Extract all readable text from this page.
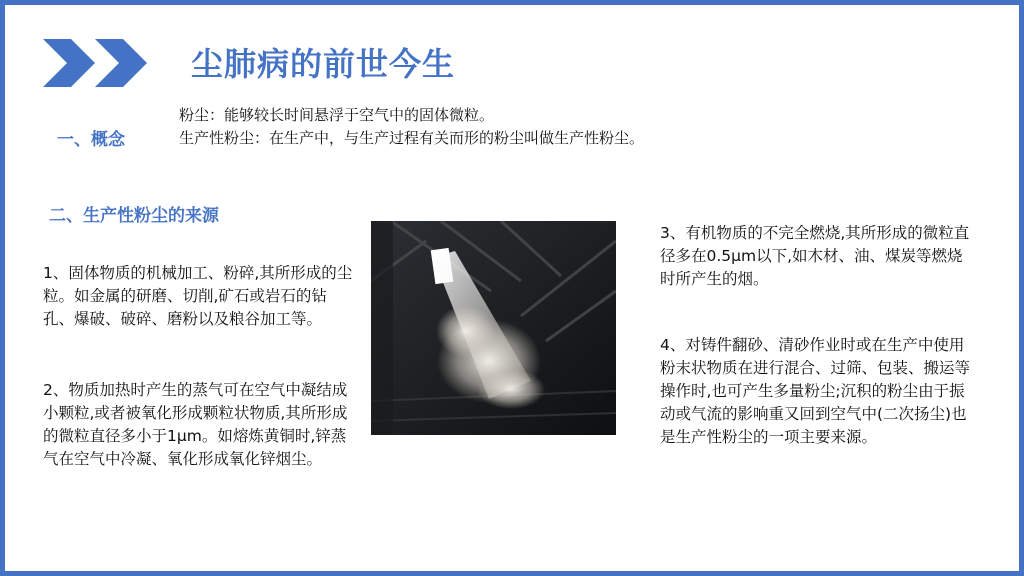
尘肺病的前世今生
一、概念
粉尘：能够较长时间悬浮于空气中的固体微粒。
生产性粉尘：在生产中，与生产过程有关而形的粉尘叫做生产性粉尘。
二、生产性粉尘的来源
1、固体物质的机械加工、粉碎,其所形成的尘粒。如金属的研磨、切削,矿石或岩石的钻孔、爆破、破碎、磨粉以及粮谷加工等。
2、物质加热时产生的蒸气可在空气中凝结成小颗粒,或者被氧化形成颗粒状物质,其所形成的微粒直径多小于1μm。如熔炼黄铜时,锌蒸气在空气中冷凝、氧化形成氧化锌烟尘。
3、有机物质的不完全燃烧,其所形成的微粒直径多在0.5μm以下,如木材、油、煤炭等燃烧时所产生的烟。
4、对铸件翻砂、清砂作业时或在生产中使用粉末状物质在进行混合、过筛、包装、搬运等操作时,也可产生多量粉尘;沉积的粉尘由于振动或气流的影响重又回到空气中(二次扬尘)也是生产性粉尘的一项主要来源。
